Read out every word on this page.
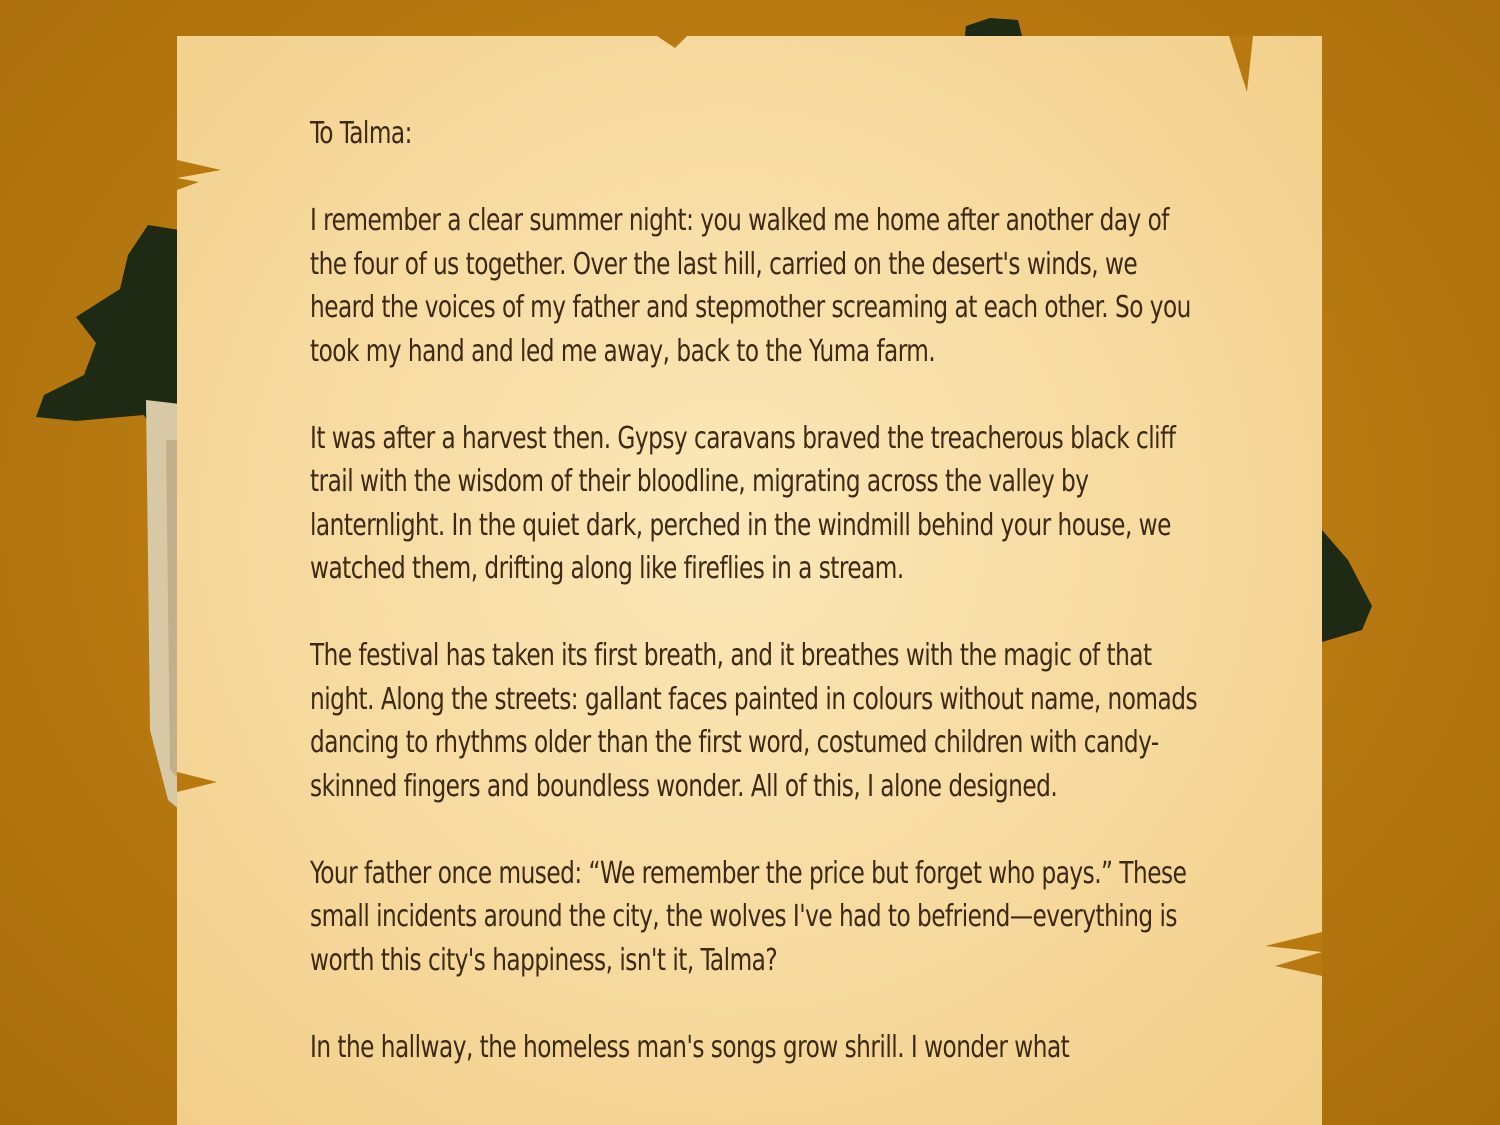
To Talma:

I remember a clear summer night: you walked me home after another day of the four of us together. Over the last hill, carried on the desert's winds, we heard the voices of my father and stepmother screaming at each other. So you took my hand and led me away, back to the Yuma farm.

It was after a harvest then. Gypsy caravans braved the treacherous black cliff trail with the wisdom of their bloodline, migrating across the valley by lanternlight. In the quiet dark, perched in the windmill behind your house, we watched them, drifting along like fireflies in a stream.

The festival has taken its first breath, and it breathes with the magic of that night. Along the streets: gallant faces painted in colours without name, nomads dancing to rhythms older than the first word, costumed children with candy-skinned fingers and boundless wonder. All of this, I alone designed.

Your father once mused: “We remember the price but forget who pays.” These small incidents around the city, the wolves I've had to befriend—everything is worth this city's happiness, isn't it, Talma?

In the hallway, the homeless man's songs grow shrill. I wonder what
